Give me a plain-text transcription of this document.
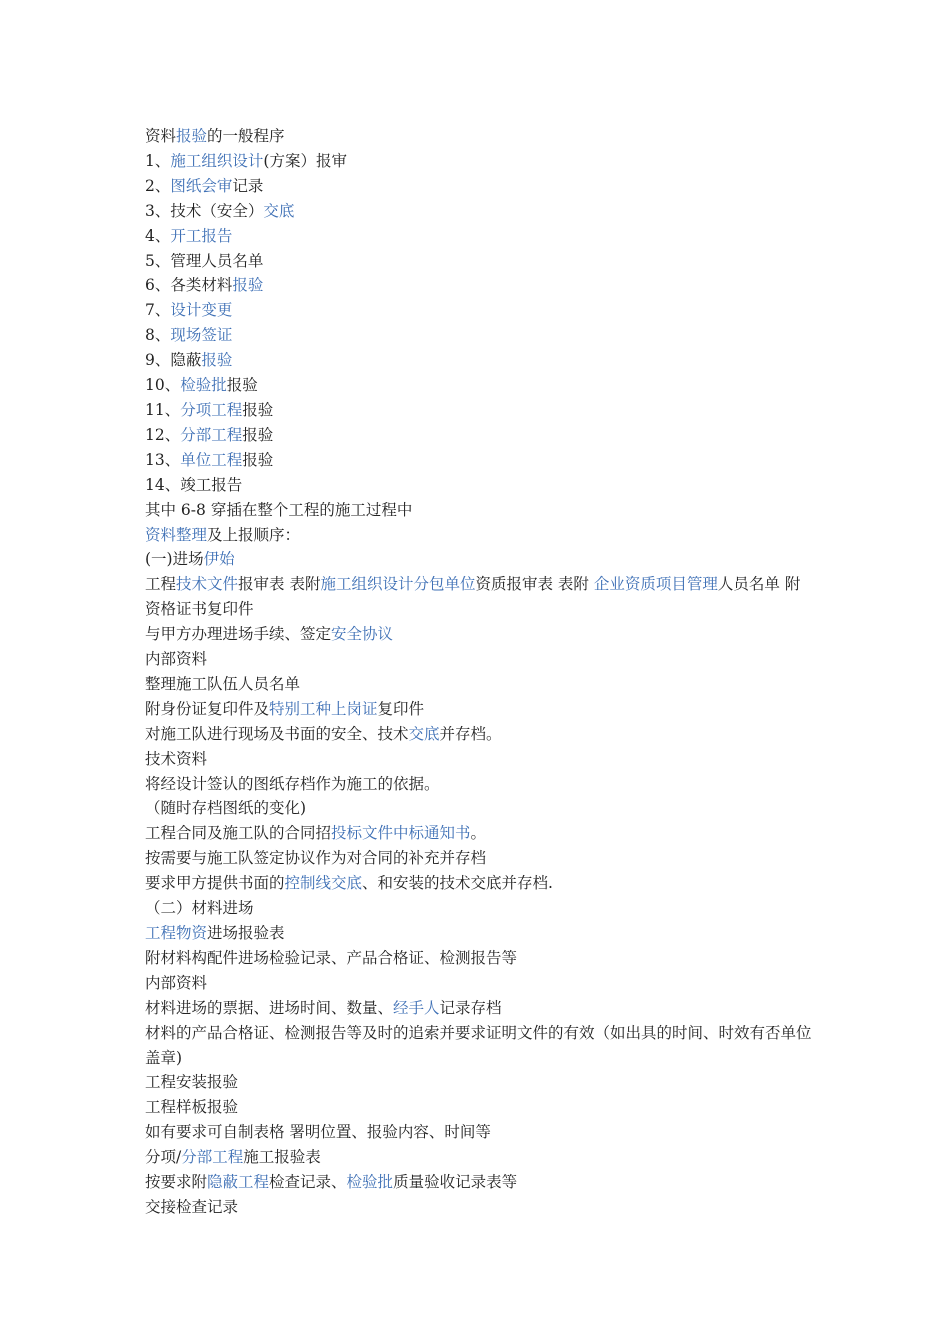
资料报验的一般程序

1、施工组织设计(方案）报审

2、图纸会审记录

3、技术（安全）交底

4、开工报告

5、管理人员名单

6、各类材料报验

7、设计变更

8、现场签证

9、隐蔽报验

10、检验批报验

11、分项工程报验

12、分部工程报验

13、单位工程报验

14、竣工报告

其中 6-8 穿插在整个工程的施工过程中

资料整理及上报顺序：

(一)进场伊始

工程技术文件报审表 表附施工组织设计分包单位资质报审表 表附 企业资质项目管理人员名单 附资格证书复印件

与甲方办理进场手续、签定安全协议

内部资料

整理施工队伍人员名单

附身份证复印件及特别工种上岗证复印件

对施工队进行现场及书面的安全、技术交底并存档。

技术资料

将经设计签认的图纸存档作为施工的依据。

（随时存档图纸的变化)

工程合同及施工队的合同招投标文件中标通知书。

按需要与施工队签定协议作为对合同的补充并存档

要求甲方提供书面的控制线交底、和安装的技术交底并存档.

（二）材料进场

工程物资进场报验表

附材料构配件进场检验记录、产品合格证、检测报告等

内部资料

材料进场的票据、进场时间、数量、经手人记录存档

材料的产品合格证、检测报告等及时的追索并要求证明文件的有效（如出具的时间、时效有否单位盖章)

工程安装报验

工程样板报验

如有要求可自制表格 署明位置、报验内容、时间等

分项/分部工程施工报验表

按要求附隐蔽工程检查记录、检验批质量验收记录表等

交接检查记录
